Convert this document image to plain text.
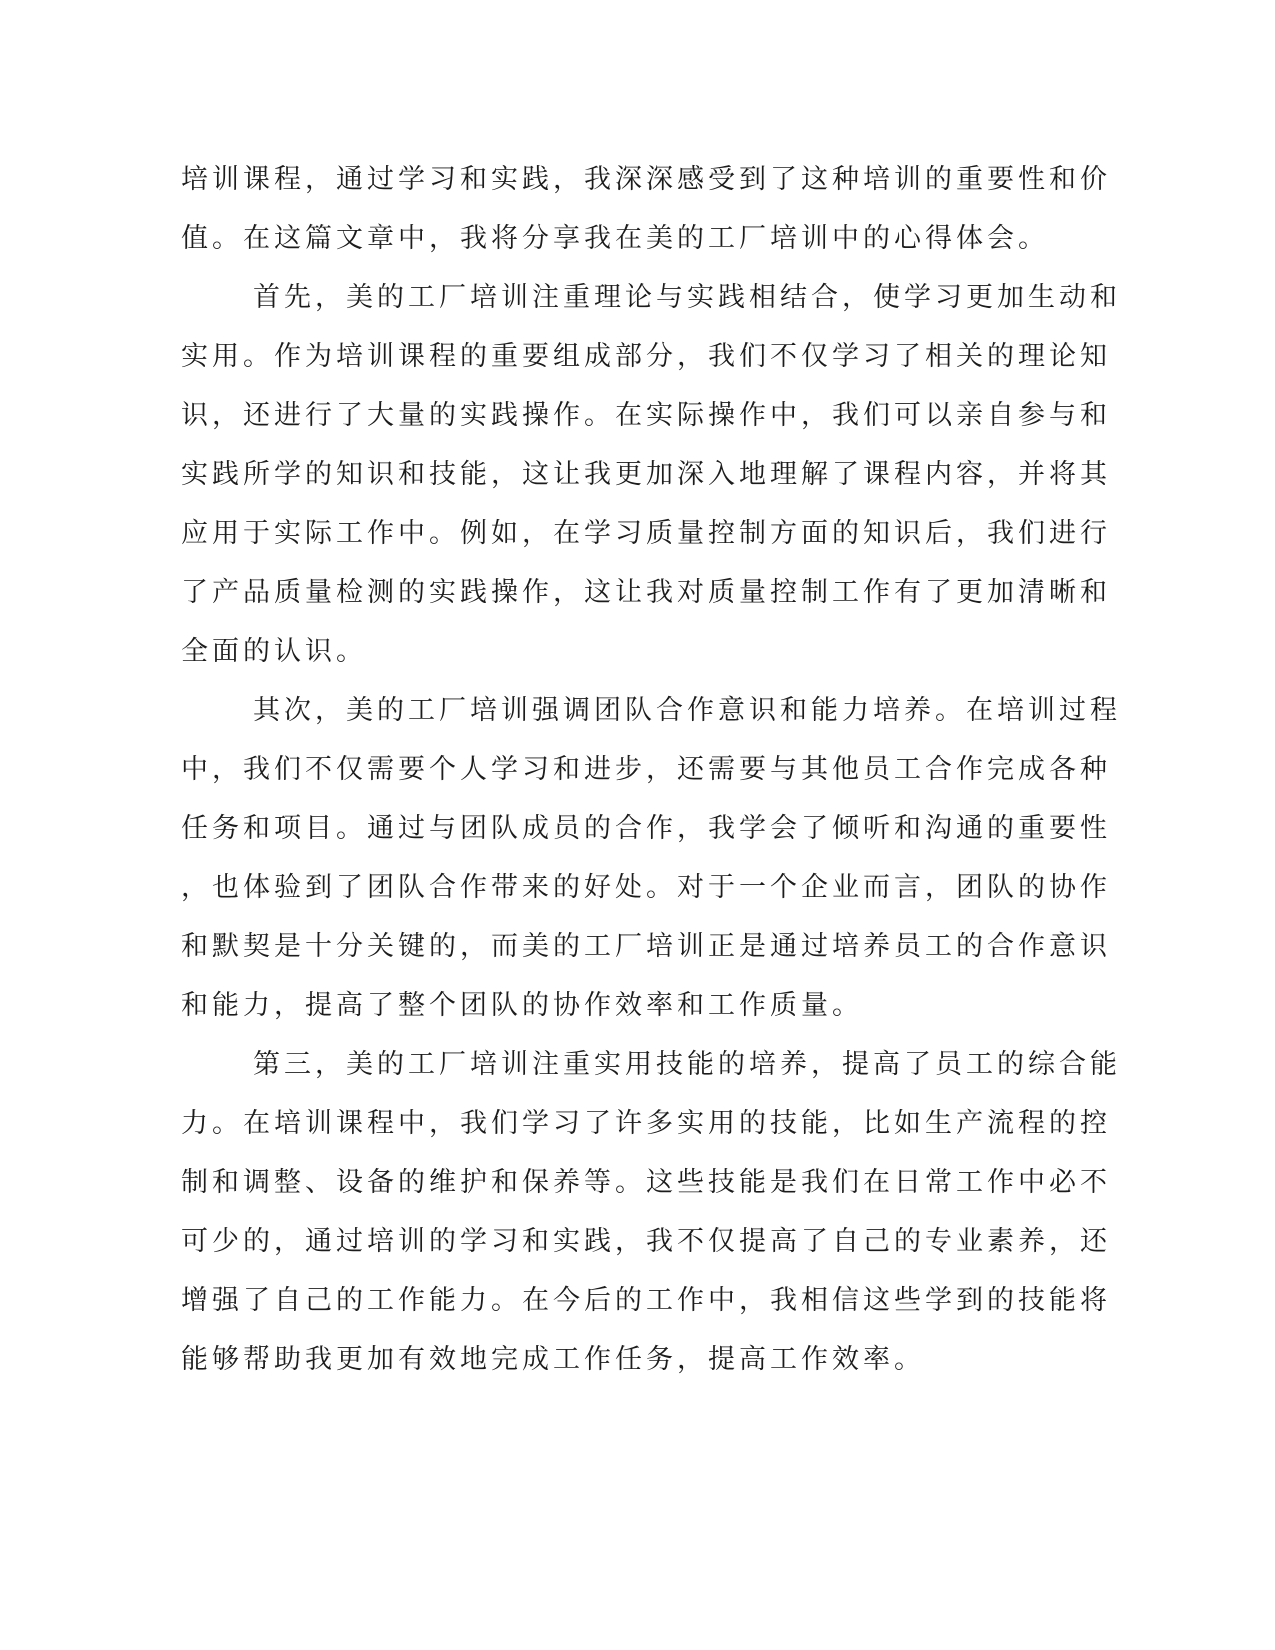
培训课程，通过学习和实践，我深深感受到了这种培训的重要性和价
值。在这篇文章中，我将分享我在美的工厂培训中的心得体会。
首先，美的工厂培训注重理论与实践相结合，使学习更加生动和
实用。作为培训课程的重要组成部分，我们不仅学习了相关的理论知
识，还进行了大量的实践操作。在实际操作中，我们可以亲自参与和
实践所学的知识和技能，这让我更加深入地理解了课程内容，并将其
应用于实际工作中。例如，在学习质量控制方面的知识后，我们进行
了产品质量检测的实践操作，这让我对质量控制工作有了更加清晰和
全面的认识。
其次，美的工厂培训强调团队合作意识和能力培养。在培训过程
中，我们不仅需要个人学习和进步，还需要与其他员工合作完成各种
任务和项目。通过与团队成员的合作，我学会了倾听和沟通的重要性
，也体验到了团队合作带来的好处。对于一个企业而言，团队的协作
和默契是十分关键的，而美的工厂培训正是通过培养员工的合作意识
和能力，提高了整个团队的协作效率和工作质量。
第三，美的工厂培训注重实用技能的培养，提高了员工的综合能
力。在培训课程中，我们学习了许多实用的技能，比如生产流程的控
制和调整、设备的维护和保养等。这些技能是我们在日常工作中必不
可少的，通过培训的学习和实践，我不仅提高了自己的专业素养，还
增强了自己的工作能力。在今后的工作中，我相信这些学到的技能将
能够帮助我更加有效地完成工作任务，提高工作效率。
